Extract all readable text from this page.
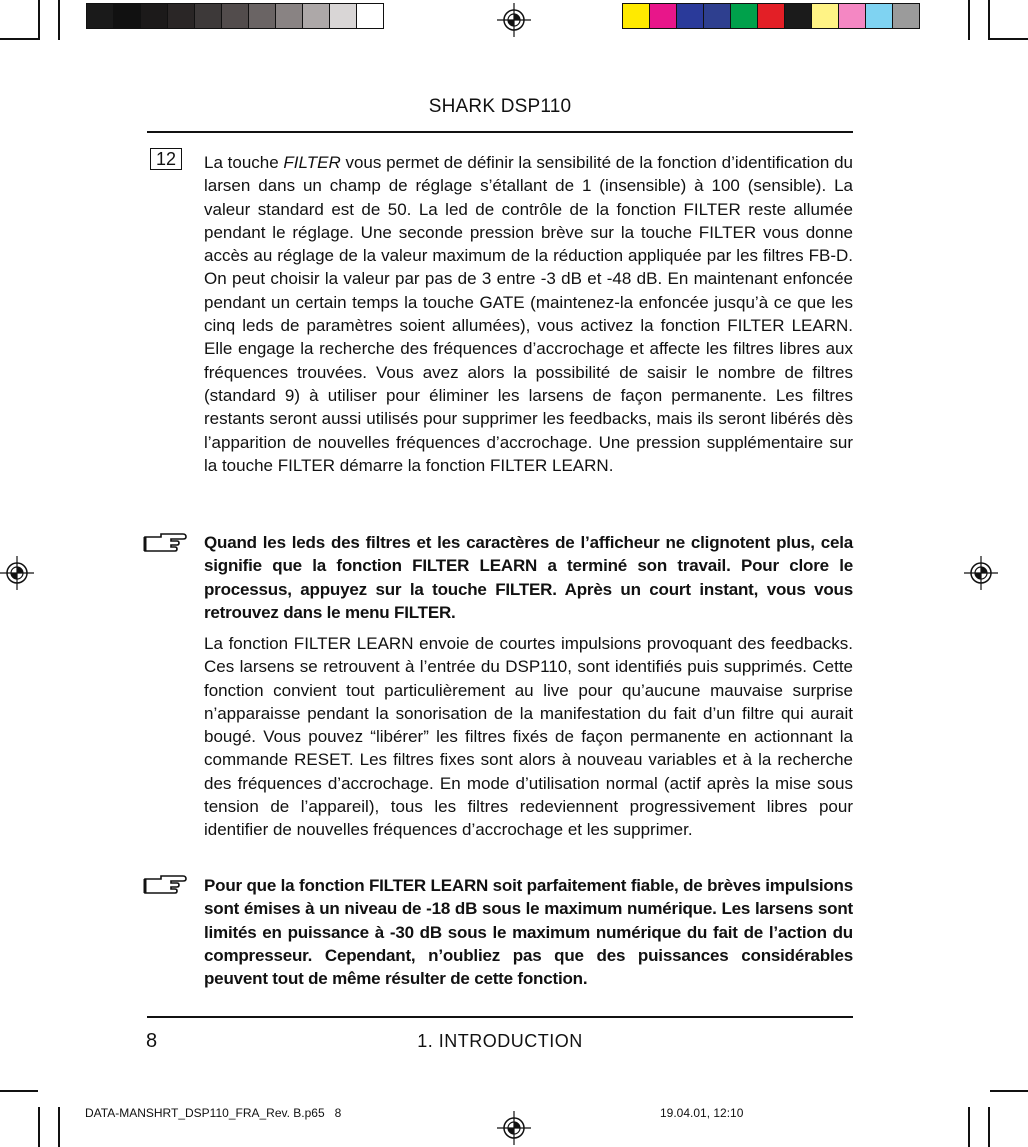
SHARK DSP110
12	La touche FILTER vous permet de définir la sensibilité de la fonction d’identification du larsen dans un champ de réglage s’étallant de 1 (insensible) à 100 (sensible). La valeur standard est de 50. La led de contrôle de la fonction FILTER reste allumée pendant le réglage. Une seconde pression brève sur la touche FILTER vous donne accès au réglage de la valeur maximum de la réduction appliquée par les filtres FB-D. On peut choisir la valeur par pas de 3 entre -3 dB et -48 dB. En maintenant enfoncée pendant un certain temps la touche GATE (maintenez-la enfoncée jusqu’à ce que les cinq leds de paramètres soient allumées), vous activez la fonction FILTER LEARN. Elle engage la recherche des fréquences d’accrochage et affecte les filtres libres aux fréquences trouvées. Vous avez alors la possibilité de saisir le nombre de filtres (standard 9) à utiliser pour éliminer les larsens de façon permanente. Les filtres restants seront aussi utilisés pour supprimer les feedbacks, mais ils seront libérés dès l’apparition de nouvelles fréquences d’accrochage. Une pression supplémentaire sur la touche FILTER démarre la fonction FILTER LEARN.

Quand les leds des filtres et les caractères de l’afficheur ne clignotent plus, cela signifie que la fonction FILTER LEARN a terminé son travail. Pour clore le processus, appuyez sur la touche FILTER. Après un court instant, vous vous retrouvez dans le menu FILTER.

La fonction FILTER LEARN envoie de courtes impulsions provoquant des feedbacks. Ces larsens se retrouvent à l’entrée du DSP110, sont identifiés puis supprimés. Cette fonction convient tout particulièrement au live pour qu’aucune mauvaise surprise n’apparaisse pendant la sonorisation de la manifestation du fait d’un filtre qui aurait bougé. Vous pouvez “libérer” les filtres fixés de façon permanente en actionnant la commande RESET. Les filtres fixes sont alors à nouveau variables et à la recherche des fréquences d’accrochage. En mode d’utilisation normal (actif après la mise sous tension de l’appareil), tous les filtres redeviennent progressivement libres pour identifier de nouvelles fréquences d’accrochage et les supprimer.

Pour que la fonction FILTER LEARN soit parfaitement fiable, de brèves impulsions sont émises à un niveau de -18 dB sous le maximum numérique. Les larsens sont limités en puissance à -30 dB sous le maximum numérique du fait de l’action du compresseur. Cependant, n’oubliez pas que des puissances considérables peuvent tout de même résulter de cette fonction.

8	1. INTRODUCTION
DATA-MANSHRT_DSP110_FRA_Rev. B.p65   8	19.04.01, 12:10
